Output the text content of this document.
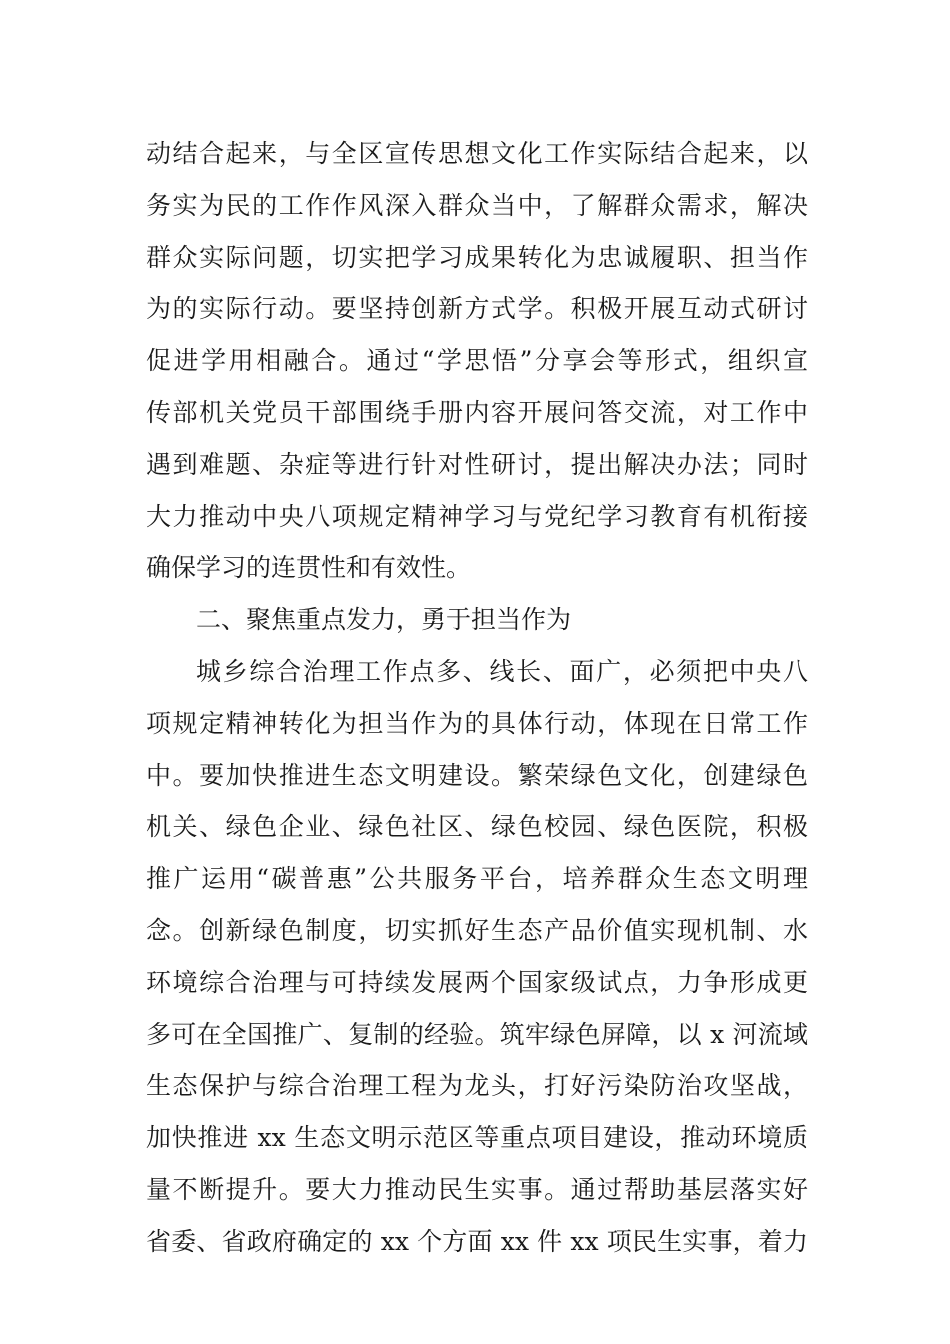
动结合起来，与全区宣传思想文化工作实际结合起来，以
务实为民的工作作风深入群众当中，了解群众需求，解决
群众实际问题，切实把学习成果转化为忠诚履职、担当作
为的实际行动。要坚持创新方式学。积极开展互动式研讨
促进学用相融合。通过“学思悟”分享会等形式，组织宣
传部机关党员干部围绕手册内容开展问答交流，对工作中
遇到难题、杂症等进行针对性研讨，提出解决办法；同时
大力推动中央八项规定精神学习与党纪学习教育有机衔接
确保学习的连贯性和有效性。
二、聚焦重点发力，勇于担当作为
城乡综合治理工作点多、线长、面广，必须把中央八
项规定精神转化为担当作为的具体行动，体现在日常工作
中。要加快推进生态文明建设。繁荣绿色文化，创建绿色
机关、绿色企业、绿色社区、绿色校园、绿色医院，积极
推广运用“碳普惠”公共服务平台，培养群众生态文明理
念。创新绿色制度，切实抓好生态产品价值实现机制、水
环境综合治理与可持续发展两个国家级试点，力争形成更
多可在全国推广、复制的经验。筑牢绿色屏障，以 x 河流域
生态保护与综合治理工程为龙头，打好污染防治攻坚战，
加快推进 xx 生态文明示范区等重点项目建设，推动环境质
量不断提升。要大力推动民生实事。通过帮助基层落实好
省委、省政府确定的 xx 个方面 xx 件 xx 项民生实事，着力
